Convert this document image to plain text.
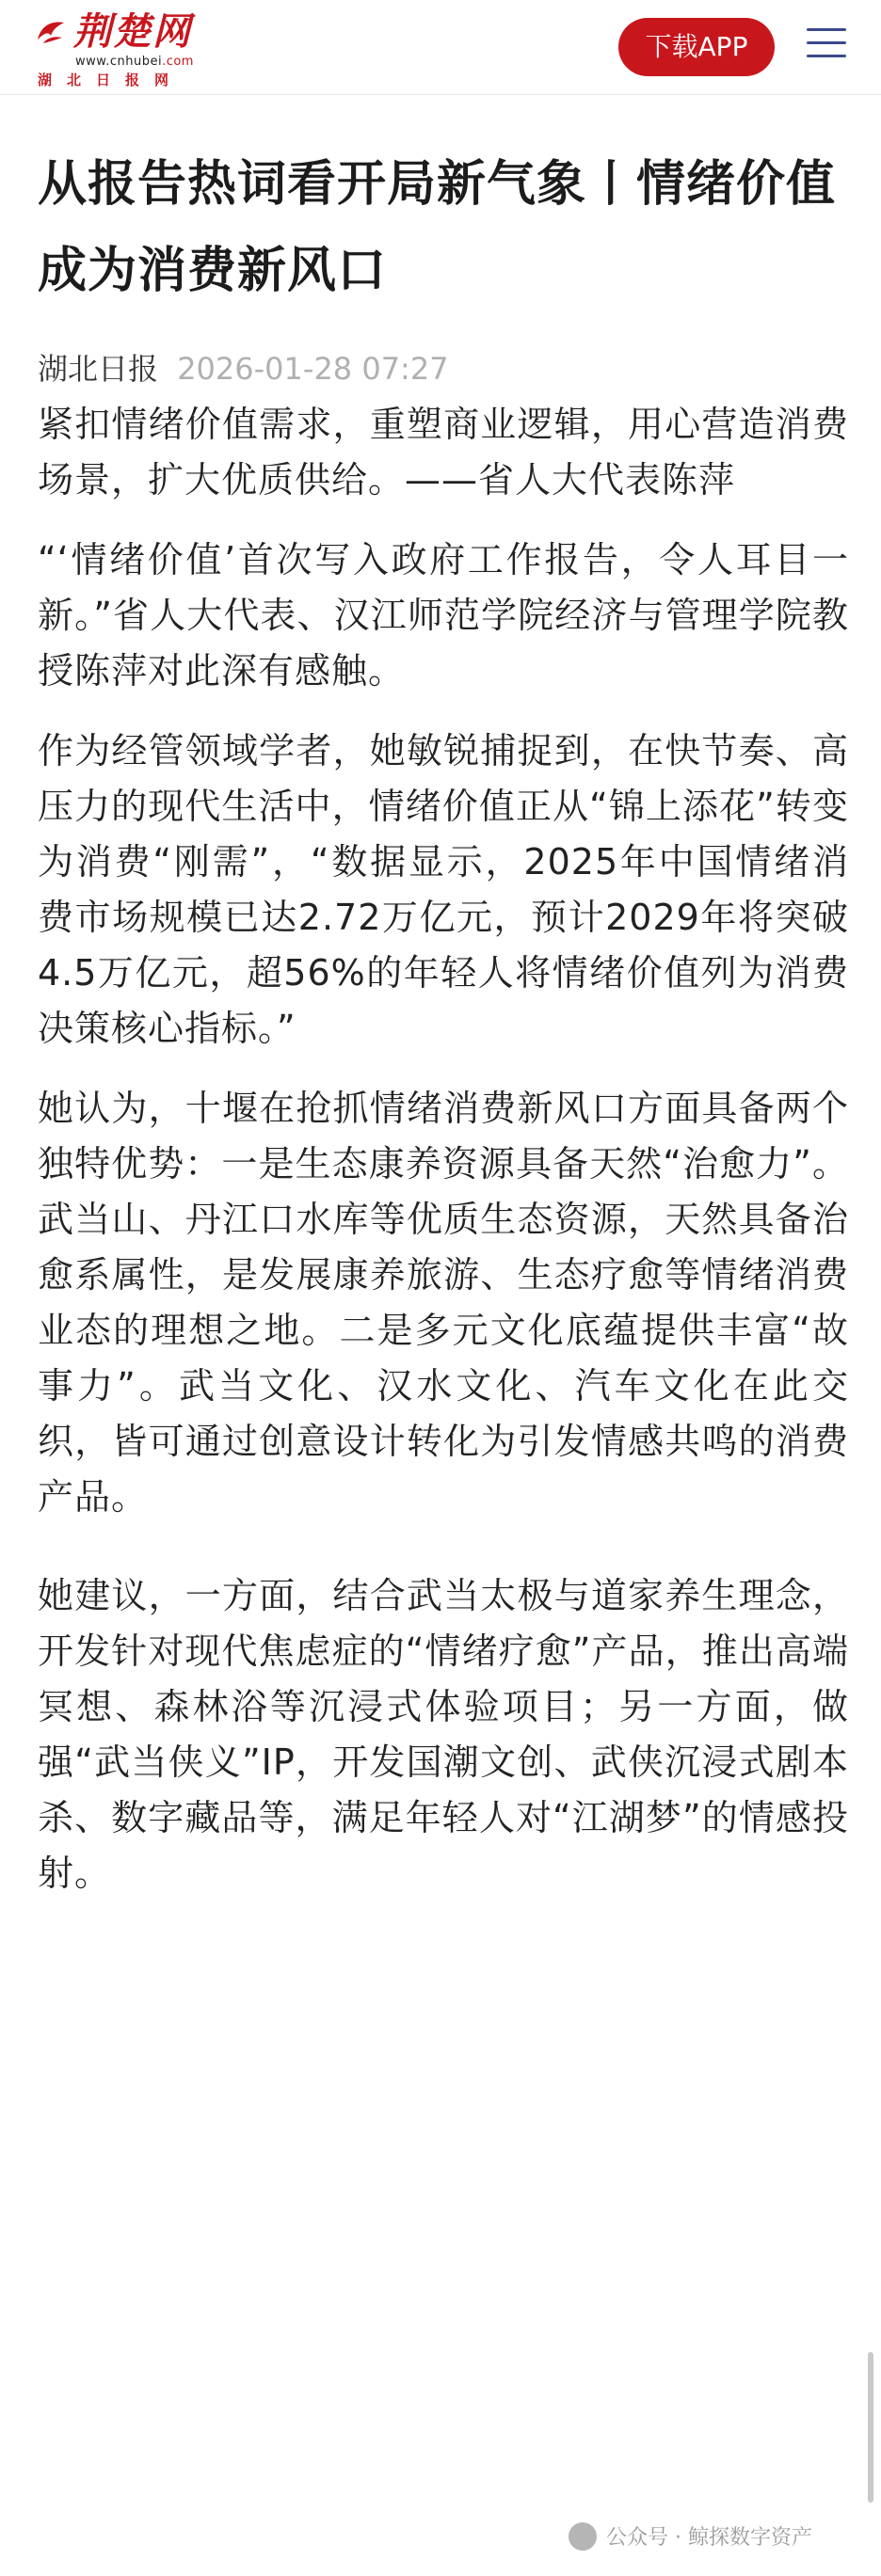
荆楚网
www.cnhubei.com
湖北日报网
下载APP
从报告热词看开局新气象丨情绪价值
成为消费新风口
湖北日报 2026-01-28 07:27

紧扣情绪价值需求，重塑商业逻辑，用心营造消费场景，扩大优质供给。——省人大代表陈萍

“‘情绪价值’首次写入政府工作报告，令人耳目一新。”省人大代表、汉江师范学院经济与管理学院教授陈萍对此深有感触。

作为经管领域学者，她敏锐捕捉到，在快节奏、高压力的现代生活中，情绪价值正从“锦上添花”转变为消费“刚需”，“数据显示，2025年中国情绪消费市场规模已达2.72万亿元，预计2029年将突破4.5万亿元，超56%的年轻人将情绪价值列为消费决策核心指标。”

她认为，十堰在抢抓情绪消费新风口方面具备两个独特优势：一是生态康养资源具备天然“治愈力”。武当山、丹江口水库等优质生态资源，天然具备治愈系属性，是发展康养旅游、生态疗愈等情绪消费业态的理想之地。二是多元文化底蕴提供丰富“故事力”。武当文化、汉水文化、汽车文化在此交织，皆可通过创意设计转化为引发情感共鸣的消费产品。

她建议，一方面，结合武当太极与道家养生理念，开发针对现代焦虑症的“情绪疗愈”产品，推出高端冥想、森林浴等沉浸式体验项目；另一方面，做强“武当侠义”IP，开发国潮文创、武侠沉浸式剧本杀、数字藏品等，满足年轻人对“江湖梦”的情感投射。

公众号 · 鲸探数字资产
